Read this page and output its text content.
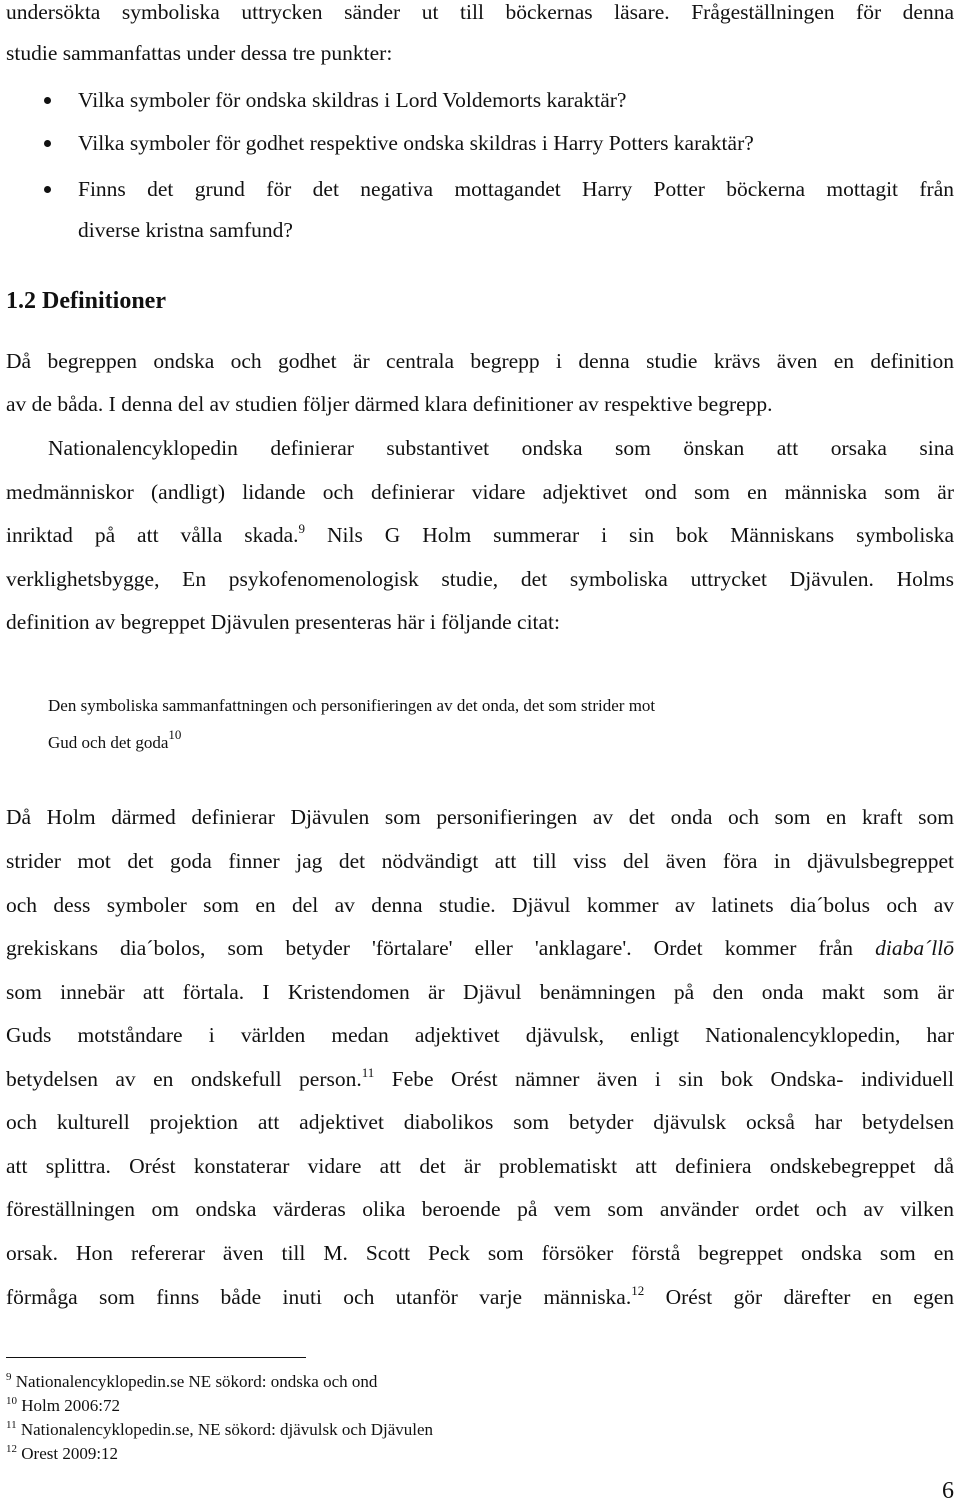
undersökta symboliska uttrycken sänder ut till böckernas läsare. Frågeställningen för denna
studie sammanfattas under dessa tre punkter:
Vilka symboler för ondska skildras i Lord Voldemorts karaktär?
Vilka symboler för godhet respektive ondska skildras i Harry Potters karaktär?
Finns det grund för det negativa mottagandet Harry Potter böckerna mottagit från
diverse kristna samfund?
1.2 Definitioner
Då begreppen ondska och godhet är centrala begrepp i denna studie krävs även en definition
av de båda. I denna del av studien följer därmed klara definitioner av respektive begrepp.
Nationalencyklopedin definierar substantivet ondska som önskan att orsaka sina
medmänniskor (andligt) lidande och definierar vidare adjektivet ond som en människa som är
inriktad på att vålla skada.$^9$ Nils G Holm summerar i sin bok Människans symboliska
verklighetsbygge, En psykofenomenologisk studie, det symboliska uttrycket Djävulen. Holms
definition av begreppet Djävulen presenteras här i följande citat:
Den symboliska sammanfattningen och personifieringen av det onda, det som strider mot
Gud och det goda$^{10}$
Då Holm därmed definierar Djävulen som personifieringen av det onda och som en kraft som
strider mot det goda finner jag det nödvändigt att till viss del även föra in djävulsbegreppet
och dess symboler som en del av denna studie. Djävul kommer av latinets dia´bolus och av
grekiskans dia´bolos, som betyder 'förtalare' eller 'anklagare'. Ordet kommer från diaba´llō
som innebär att förtala. I Kristendomen är Djävul benämningen på den onda makt som är
Guds motståndare i världen medan adjektivet djävulsk, enligt Nationalencyklopedin, har
betydelsen av en ondskefull person.$^{11}$ Febe Orést nämner även i sin bok Ondska- individuell
och kulturell projektion att adjektivet diabolikos som betyder djävulsk också har betydelsen
att splittra. Orést konstaterar vidare att det är problematiskt att definiera ondskebegreppet då
föreställningen om ondska värderas olika beroende på vem som använder ordet och av vilken
orsak. Hon refererar även till M. Scott Peck som försöker förstå begreppet ondska som en
förmåga som finns både inuti och utanför varje människa.$^{12}$ Orést gör därefter en egen
$^9$ Nationalencyklopedin.se NE sökord: ondska och ond
$^{10}$ Holm 2006:72
$^{11}$ Nationalencyklopedin.se, NE sökord: djävulsk och Djävulen
$^{12}$ Orest 2009:12
6
